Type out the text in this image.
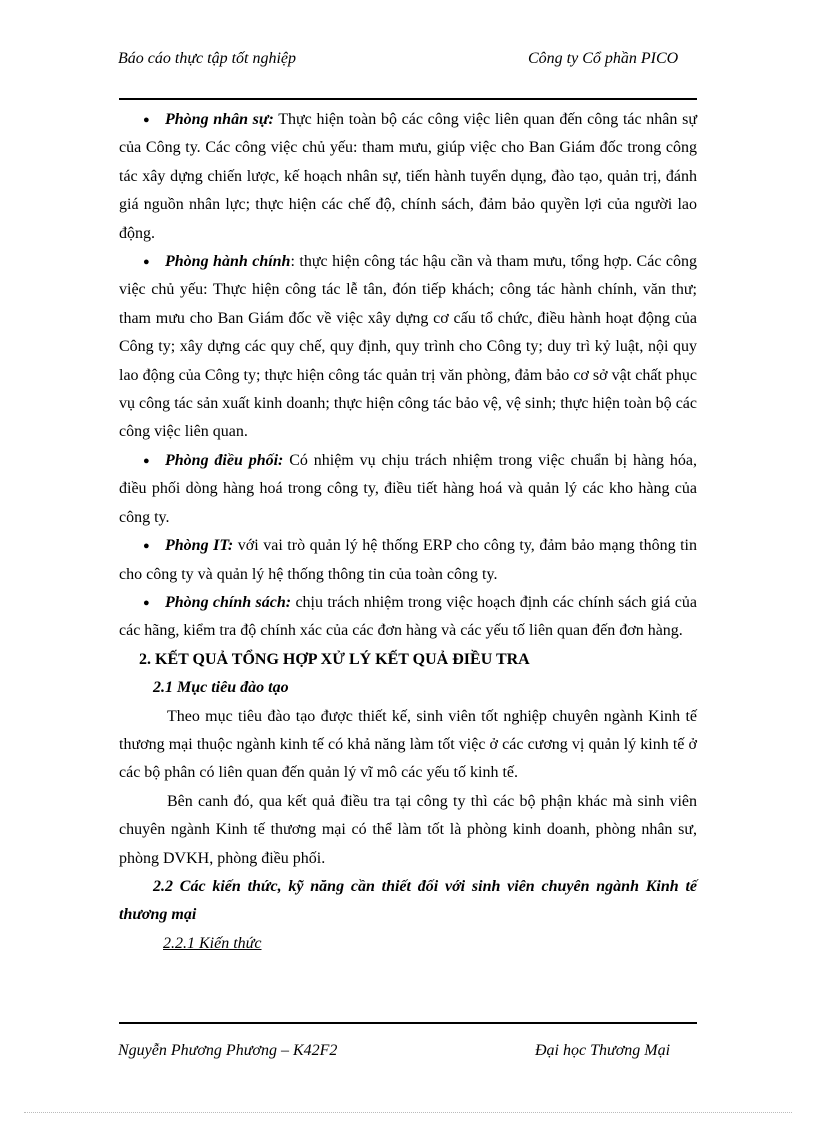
Báo cáo thực tập tốt nghiệp	Công ty Cổ phần PICO

● Phòng nhân sự: Thực hiện toàn bộ các công việc liên quan đến công tác nhân sự của Công ty. Các công việc chủ yếu: tham mưu, giúp việc cho Ban Giám đốc trong công tác xây dựng chiến lược, kế hoạch nhân sự, tiến hành tuyển dụng, đào tạo, quản trị, đánh giá nguồn nhân lực; thực hiện các chế độ, chính sách, đảm bảo quyền lợi của người lao động.

● Phòng hành chính: thực hiện công tác hậu cần và tham mưu, tổng hợp. Các công việc chủ yếu: Thực hiện công tác lễ tân, đón tiếp khách; công tác hành chính, văn thư; tham mưu cho Ban Giám đốc về việc xây dựng cơ cấu tổ chức, điều hành hoạt động của Công ty; xây dựng các quy chế, quy định, quy trình cho Công ty; duy trì kỷ luật, nội quy lao động của Công ty; thực hiện công tác quản trị văn phòng, đảm bảo cơ sở vật chất phục vụ công tác sản xuất kinh doanh; thực hiện công tác bảo vệ, vệ sinh; thực hiện toàn bộ các công việc liên quan.

● Phòng điều phối: Có nhiệm vụ chịu trách nhiệm trong việc chuẩn bị hàng hóa, điều phối dòng hàng hoá trong công ty, điều tiết hàng hoá và quản lý các kho hàng của công ty.

● Phòng IT: với vai trò quản lý hệ thống ERP cho công ty, đảm bảo mạng thông tin cho công ty và quản lý hệ thống thông tin của toàn công ty.

● Phòng chính sách: chịu trách nhiệm trong việc hoạch định các chính sách giá của các hãng, kiểm tra độ chính xác của các đơn hàng và các yếu tố liên quan đến đơn hàng.

2. KẾT QUẢ TỔNG HỢP XỬ LÝ KẾT QUẢ ĐIỀU TRA

2.1 Mục tiêu đào tạo

Theo mục tiêu đào tạo được thiết kế, sinh viên tốt nghiệp chuyên ngành Kinh tế thương mại thuộc ngành kinh tế có khả năng làm tốt việc ở các cương vị quản lý kinh tế ở các bộ phân có liên quan đến quản lý vĩ mô các yếu tố kinh tế.

Bên canh đó, qua kết quả điều tra tại công ty thì các bộ phận khác mà sinh viên chuyên ngành Kinh tế thương mại có thể làm tốt là phòng kinh doanh, phòng nhân sư, phòng DVKH, phòng điều phối.

2.2 Các kiến thức, kỹ năng cần thiết đối với sinh viên chuyên ngành Kinh tế thương mại

2.2.1 Kiến thức

Nguyễn Phương Phương – K42F2	Đại học Thương Mại
